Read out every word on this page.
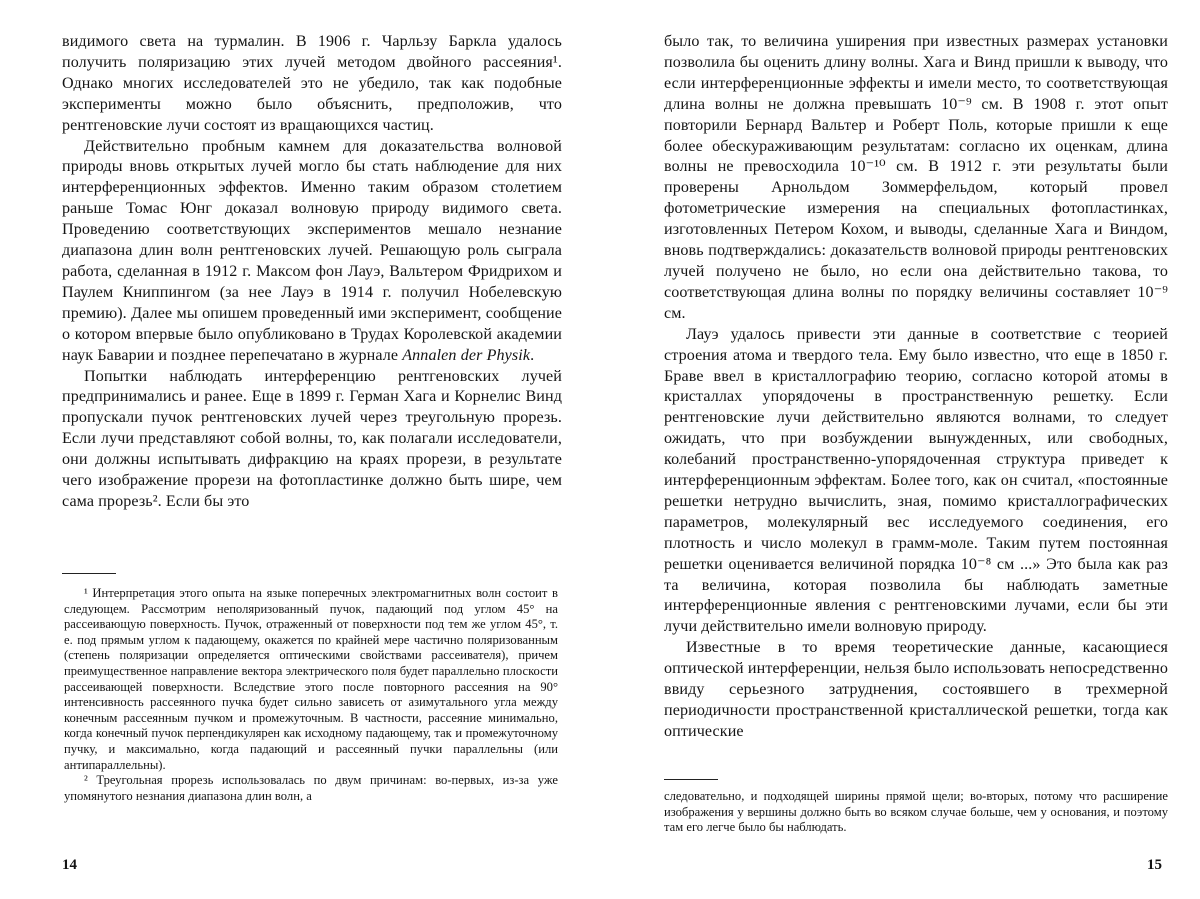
видимого света на турмалин. В 1906 г. Чарльзу Баркла удалось получить поляризацию этих лучей методом двойного рассеяния¹. Однако многих исследователей это не убедило, так как подобные эксперименты можно было объяснить, предположив, что рентгеновские лучи состоят из вращающихся частиц.

Действительно пробным камнем для доказательства волновой природы вновь открытых лучей могло бы стать наблюдение для них интерференционных эффектов. Именно таким образом столетием раньше Томас Юнг доказал волновую природу видимого света. Проведению соответствующих экспериментов мешало незнание диапазона длин волн рентгеновских лучей. Решающую роль сыграла работа, сделанная в 1912 г. Максом фон Лауэ, Вальтером Фридрихом и Паулем Книппингом (за нее Лауэ в 1914 г. получил Нобелевскую премию). Далее мы опишем проведенный ими эксперимент, сообщение о котором впервые было опубликовано в Трудах Королевской академии наук Баварии и позднее перепечатано в журнале Annalen der Physik.

Попытки наблюдать интерференцию рентгеновских лучей предпринимались и ранее. Еще в 1899 г. Герман Хага и Корнелис Винд пропускали пучок рентгеновских лучей через треугольную прорезь. Если лучи представляют собой волны, то, как полагали исследователи, они должны испытывать дифракцию на краях прорези, в результате чего изображение прорези на фотопластинке должно быть шире, чем сама прорезь². Если бы это

¹ Интерпретация этого опыта на языке поперечных электромагнитных волн состоит в следующем. Рассмотрим неполяризованный пучок, падающий под углом 45° на рассеивающую поверхность. Пучок, отраженный от поверхности под тем же углом 45°, т. е. под прямым углом к падающему, окажется по крайней мере частично поляризованным (степень поляризации определяется оптическими свойствами рассеивателя), причем преимущественное направление вектора электрического поля будет параллельно плоскости рассеивающей поверхности. Вследствие этого после повторного рассеяния на 90° интенсивность рассеянного пучка будет сильно зависеть от азимутального угла между конечным рассеянным пучком и промежуточным. В частности, рассеяние минимально, когда конечный пучок перпендикулярен как исходному падающему, так и промежуточному пучку, и максимально, когда падающий и рассеянный пучки параллельны (или антипараллельны).

² Треугольная прорезь использовалась по двум причинам: во-первых, из-за уже упомянутого незнания диапазона длин волн, а

14

было так, то величина уширения при известных размерах установки позволила бы оценить длину волны. Хага и Винд пришли к выводу, что если интерференционные эффекты и имели место, то соответствующая длина волны не должна превышать 10⁻⁹ см. В 1908 г. этот опыт повторили Бернард Вальтер и Роберт Поль, которые пришли к еще более обескураживающим результатам: согласно их оценкам, длина волны не превосходила 10⁻¹⁰ см. В 1912 г. эти результаты были проверены Арнольдом Зоммерфельдом, который провел фотометрические измерения на специальных фотопластинках, изготовленных Петером Кохом, и выводы, сделанные Хага и Виндом, вновь подтверждались: доказательств волновой природы рентгеновских лучей получено не было, но если она действительно такова, то соответствующая длина волны по порядку величины составляет 10⁻⁹ см.

Лауэ удалось привести эти данные в соответствие с теорией строения атома и твердого тела. Ему было известно, что еще в 1850 г. Браве ввел в кристаллографию теорию, согласно которой атомы в кристаллах упорядочены в пространственную решетку. Если рентгеновские лучи действительно являются волнами, то следует ожидать, что при возбуждении вынужденных, или свободных, колебаний пространственно-упорядоченная структура приведет к интерференционным эффектам. Более того, как он считал, «постоянные решетки нетрудно вычислить, зная, помимо кристаллографических параметров, молекулярный вес исследуемого соединения, его плотность и число молекул в грамм-моле. Таким путем постоянная решетки оценивается величиной порядка 10⁻⁸ см ...» Это была как раз та величина, которая позволила бы наблюдать заметные интерференционные явления с рентгеновскими лучами, если бы эти лучи действительно имели волновую природу.

Известные в то время теоретические данные, касающиеся оптической интерференции, нельзя было использовать непосредственно ввиду серьезного затруднения, состоявшего в трехмерной периодичности пространственной кристаллической решетки, тогда как оптические

следовательно, и подходящей ширины прямой щели; во-вторых, потому что расширение изображения у вершины должно быть во всяком случае больше, чем у основания, и поэтому там его легче было бы наблюдать.

15
